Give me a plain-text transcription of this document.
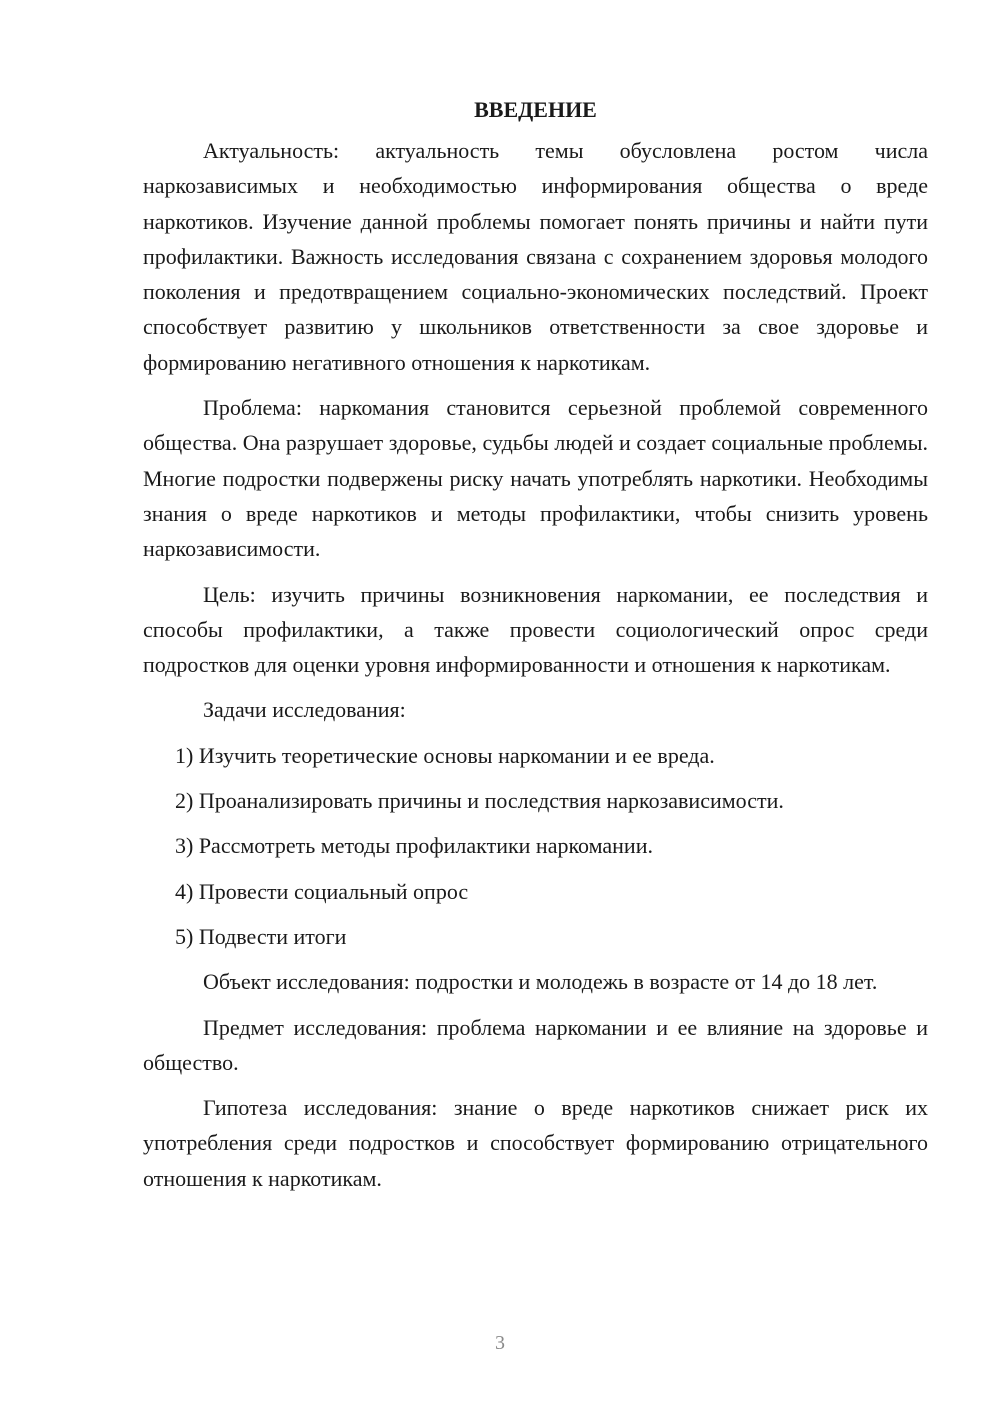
ВВЕДЕНИЕ

Актуальность: актуальность темы обусловлена ростом числа наркозависимых и необходимостью информирования общества о вреде наркотиков. Изучение данной проблемы помогает понять причины и найти пути профилактики. Важность исследования связана с сохранением здоровья молодого поколения и предотвращением социально-экономических последствий. Проект способствует развитию у школьников ответственности за свое здоровье и формированию негативного отношения к наркотикам.

Проблема: наркомания становится серьезной проблемой современного общества. Она разрушает здоровье, судьбы людей и создает социальные проблемы. Многие подростки подвержены риску начать употреблять наркотики. Необходимы знания о вреде наркотиков и методы профилактики, чтобы снизить уровень наркозависимости.

Цель: изучить причины возникновения наркомании, ее последствия и способы профилактики, а также провести социологический опрос среди подростков для оценки уровня информированности и отношения к наркотикам.

Задачи исследования:
1) Изучить теоретические основы наркомании и ее вреда.
2) Проанализировать причины и последствия наркозависимости.
3) Рассмотреть методы профилактики наркомании.
4) Провести социальный опрос
5) Подвести итоги

Объект исследования: подростки и молодежь в возрасте от 14 до 18 лет.

Предмет исследования: проблема наркомании и ее влияние на здоровье и общество.

Гипотеза исследования: знание о вреде наркотиков снижает риск их употребления среди подростков и способствует формированию отрицательного отношения к наркотикам.

3
